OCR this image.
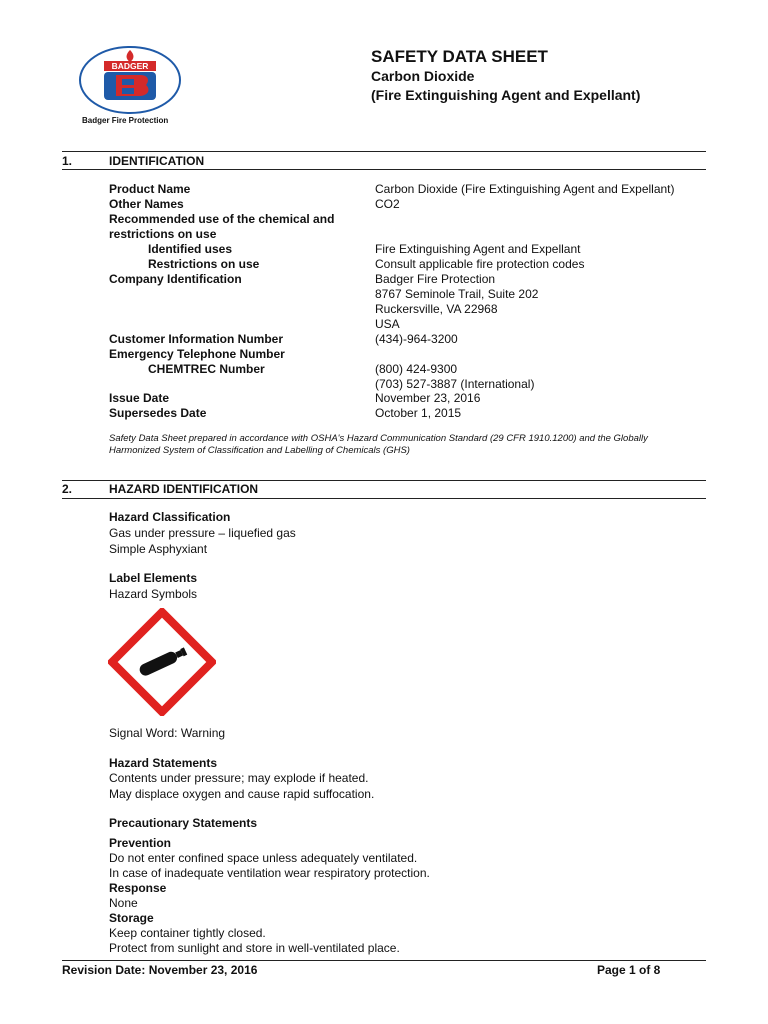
BADGER
Badger Fire Protection
SAFETY DATA SHEET
Carbon Dioxide
(Fire Extinguishing Agent and Expellant)
1.	IDENTIFICATION
Product Name	Carbon Dioxide (Fire Extinguishing Agent and Expellant)
Other Names	CO2
Recommended use of the chemical and
restrictions on use
Identified uses	Fire Extinguishing Agent and Expellant
Restrictions on use	Consult applicable fire protection codes
Company Identification	Badger Fire Protection
8767 Seminole Trail, Suite 202
Ruckersville, VA 22968
USA
Customer Information Number	(434)-964-3200
Emergency Telephone Number
CHEMTREC Number	(800) 424-9300
(703) 527-3887 (International)
Issue Date	November 23, 2016
Supersedes Date	October 1, 2015
Safety Data Sheet prepared in accordance with OSHA's Hazard Communication Standard (29 CFR 1910.1200) and the Globally
Harmonized System of Classification and Labelling of Chemicals (GHS)
2.	HAZARD IDENTIFICATION
Hazard Classification
Gas under pressure – liquefied gas
Simple Asphyxiant
Label Elements
Hazard Symbols
Signal Word: Warning
Hazard Statements
Contents under pressure; may explode if heated.
May displace oxygen and cause rapid suffocation.
Precautionary Statements
Prevention
Do not enter confined space unless adequately ventilated.
In case of inadequate ventilation wear respiratory protection.
Response
None
Storage
Keep container tightly closed.
Protect from sunlight and store in well-ventilated place.
Revision Date: November 23, 2016	Page 1 of 8
